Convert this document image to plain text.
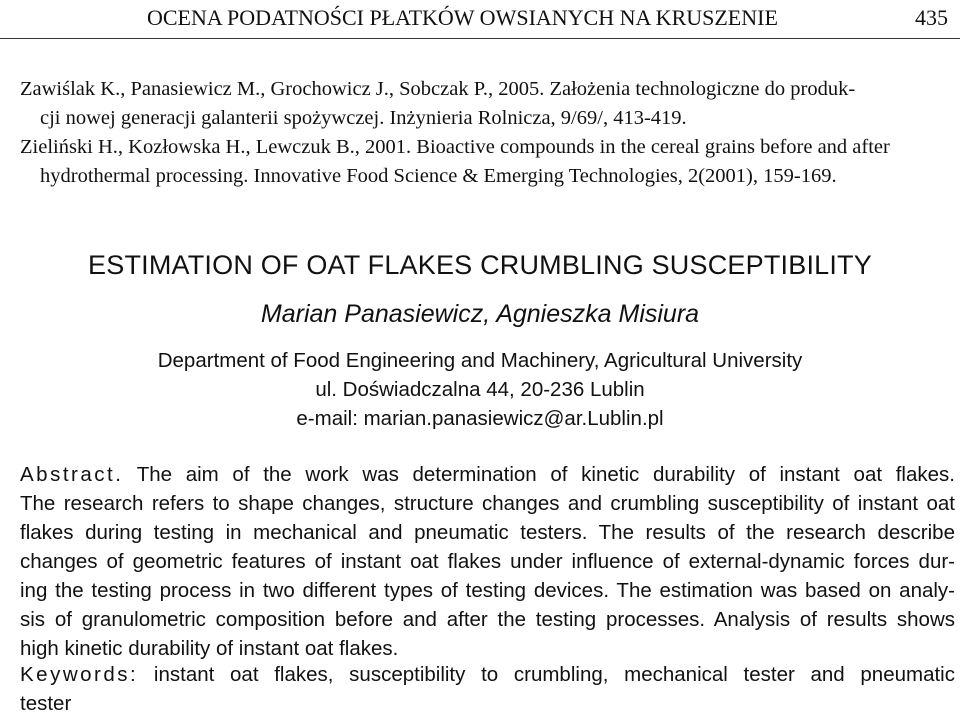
OCENA PODATNOŚCI PŁATKÓW OWSIANYCH NA KRUSZENIE	435

Zawiślak K., Panasiewicz M., Grochowicz J., Sobczak P., 2005. Założenia technologiczne do produk-
cji nowej generacji galanterii spożywczej. Inżynieria Rolnicza, 9/69/, 413-419.

Zieliński H., Kozłowska H., Lewczuk B., 2001. Bioactive compounds in the cereal grains before and after
hydrothermal processing. Innovative Food Science & Emerging Technologies, 2(2001), 159-169.

ESTIMATION OF OAT FLAKES CRUMBLING SUSCEPTIBILITY
Marian Panasiewicz, Agnieszka Misiura
Department of Food Engineering and Machinery, Agricultural University
ul. Doświadczalna 44, 20-236 Lublin
e-mail: marian.panasiewicz@ar.Lublin.pl
Abstract. The aim of the work was determination of kinetic durability of instant oat flakes.
The research refers to shape changes, structure changes and crumbling susceptibility of instant oat
flakes during testing in mechanical and pneumatic testers. The results of the research describe
changes of geometric features of instant oat flakes under influence of external-dynamic forces dur-
ing the testing process in two different types of testing devices. The estimation was based on analy-
sis of granulometric composition before and after the testing processes. Analysis of results shows
high kinetic durability of instant oat flakes.
Keywords: instant oat flakes, susceptibility to crumbling, mechanical tester and pneumatic
tester
